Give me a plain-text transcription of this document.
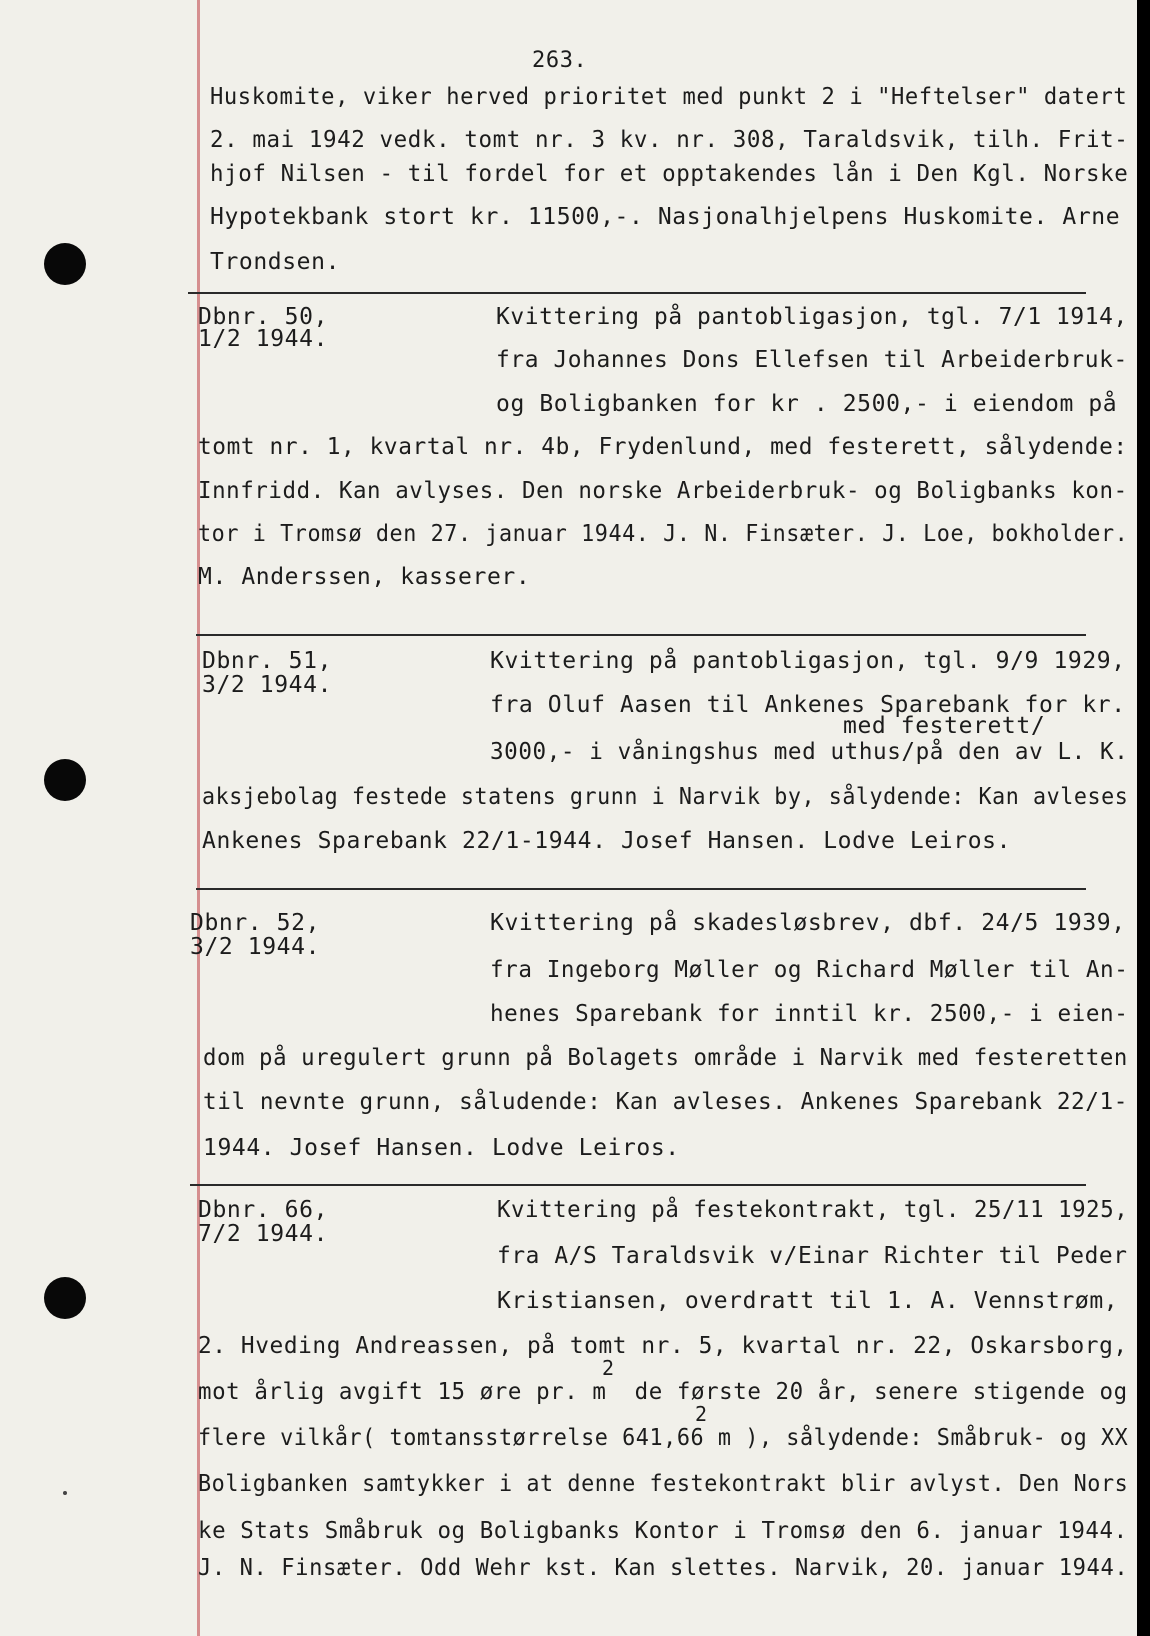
263.
Huskomite, viker herved prioritet med punkt 2 i "Heftelser" datert
2. mai 1942 vedk. tomt nr. 3 kv. nr. 308, Taraldsvik, tilh. Frit-
hjof Nilsen - til fordel for et opptakendes lån i Den Kgl. Norske
Hypotekbank stort kr. 11500,-. Nasjonalhjelpens Huskomite. Arne
Trondsen.
Dbnr. 50,
1/2 1944.
Kvittering på pantobligasjon, tgl. 7/1 1914,
fra Johannes Dons Ellefsen til Arbeiderbruk-
og Boligbanken for kr . 2500,- i eiendom på
tomt nr. 1, kvartal nr. 4b, Frydenlund, med festerett, sålydende:
Innfridd. Kan avlyses. Den norske Arbeiderbruk- og Boligbanks kon-
tor i Tromsø den 27. januar 1944. J. N. Finsæter. J. Loe, bokholder.
M. Anderssen, kasserer.
Dbnr. 51,
3/2 1944.
Kvittering på pantobligasjon, tgl. 9/9 1929,
fra Oluf Aasen til Ankenes Sparebank for kr.
med festerett/
3000,- i våningshus med uthus/på den av L. K.
aksjebolag festede statens grunn i Narvik by, sålydende: Kan avleses
Ankenes Sparebank 22/1-1944. Josef Hansen. Lodve Leiros.
Dbnr. 52,
3/2 1944.
Kvittering på skadesløsbrev, dbf. 24/5 1939,
fra Ingeborg Møller og Richard Møller til An-
henes Sparebank for inntil kr. 2500,- i eien-
dom på uregulert grunn på Bolagets område i Narvik med festeretten
til nevnte grunn, såludende: Kan avleses. Ankenes Sparebank 22/1-
1944. Josef Hansen. Lodve Leiros.
Dbnr. 66,
7/2 1944.
Kvittering på festekontrakt, tgl. 25/11 1925,
fra A/S Taraldsvik v/Einar Richter til Peder
Kristiansen, overdratt til 1. A. Vennstrøm,
2. Hveding Andreassen, på tomt nr. 5, kvartal nr. 22, Oskarsborg,
mot årlig avgift 15 øre pr. m  de første 20 år, senere stigende og
2
flere vilkår( tomtansstørrelse 641,66 m ), sålydende: Småbruk- og XX
2
Boligbanken samtykker i at denne festekontrakt blir avlyst. Den Nors
ke Stats Småbruk og Boligbanks Kontor i Tromsø den 6. januar 1944.
J. N. Finsæter. Odd Wehr kst. Kan slettes. Narvik, 20. januar 1944.
